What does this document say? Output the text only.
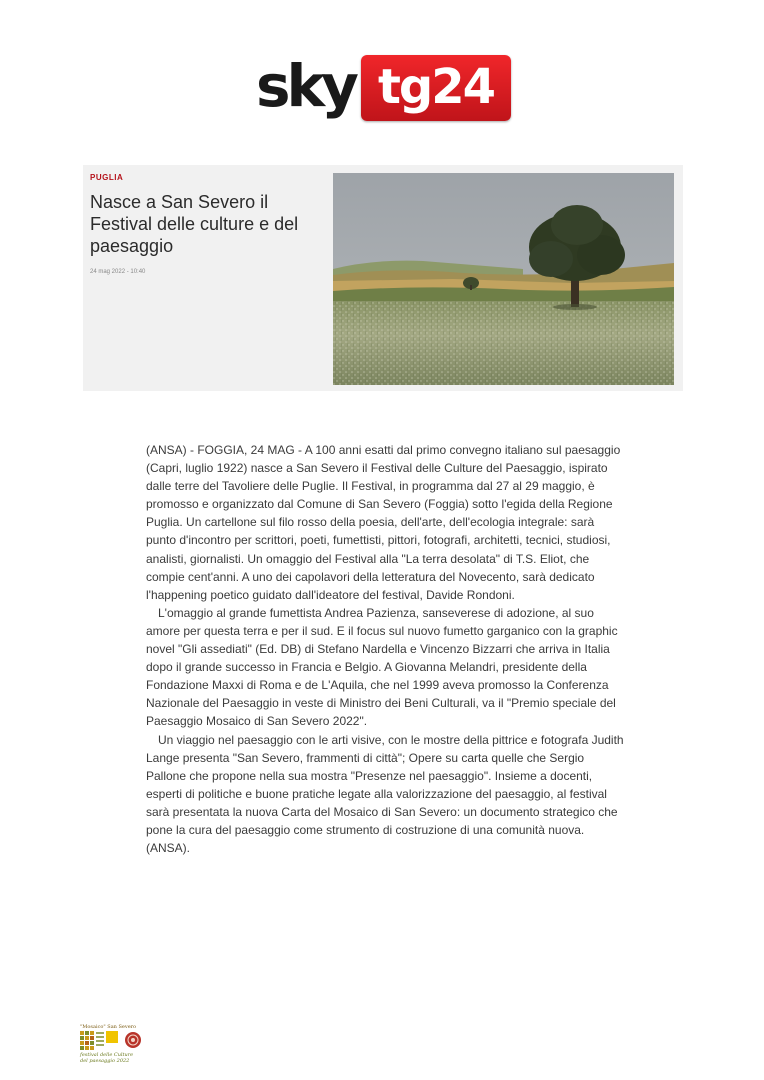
sky tg24
PUGLIA
Nasce a San Severo il Festival delle culture e del paesaggio
24 mag 2022 - 10:40

(ANSA) - FOGGIA, 24 MAG - A 100 anni esatti dal primo convegno italiano sul paesaggio (Capri, luglio 1922) nasce a San Severo il Festival delle Culture del Paesaggio, ispirato dalle terre del Tavoliere delle Puglie. Il Festival, in programma dal 27 al 29 maggio, è promosso e organizzato dal Comune di San Severo (Foggia) sotto l'egida della Regione Puglia. Un cartellone sul filo rosso della poesia, dell'arte, dell'ecologia integrale: sarà punto d'incontro per scrittori, poeti, fumettisti, pittori, fotografi, architetti, tecnici, studiosi, analisti, giornalisti. Un omaggio del Festival alla "La terra desolata" di T.S. Eliot, che compie cent'anni. A uno dei capolavori della letteratura del Novecento, sarà dedicato l'happening poetico guidato dall'ideatore del festival, Davide Rondoni.

L'omaggio al grande fumettista Andrea Pazienza, sanseverese di adozione, al suo amore per questa terra e per il sud. E il focus sul nuovo fumetto garganico con la graphic novel "Gli assediati" (Ed. DB) di Stefano Nardella e Vincenzo Bizzarri che arriva in Italia dopo il grande successo in Francia e Belgio. A Giovanna Melandri, presidente della Fondazione Maxxi di Roma e de L'Aquila, che nel 1999 aveva promosso la Conferenza Nazionale del Paesaggio in veste di Ministro dei Beni Culturali, va il "Premio speciale del Paesaggio Mosaico di San Severo 2022".

Un viaggio nel paesaggio con le arti visive, con le mostre della pittrice e fotografa Judith Lange presenta "San Severo, frammenti di città"; Opere su carta quelle che Sergio Pallone che propone nella sua mostra "Presenze nel paesaggio". Insieme a docenti, esperti di politiche e buone pratiche legate alla valorizzazione del paesaggio, al festival sarà presentata la nuova Carta del Mosaico di San Severo: un documento strategico che pone la cura del paesaggio come strumento di costruzione di una comunità nuova. (ANSA).

"Mosaico" San Severo
festival delle Culture
del paesaggio 2022
